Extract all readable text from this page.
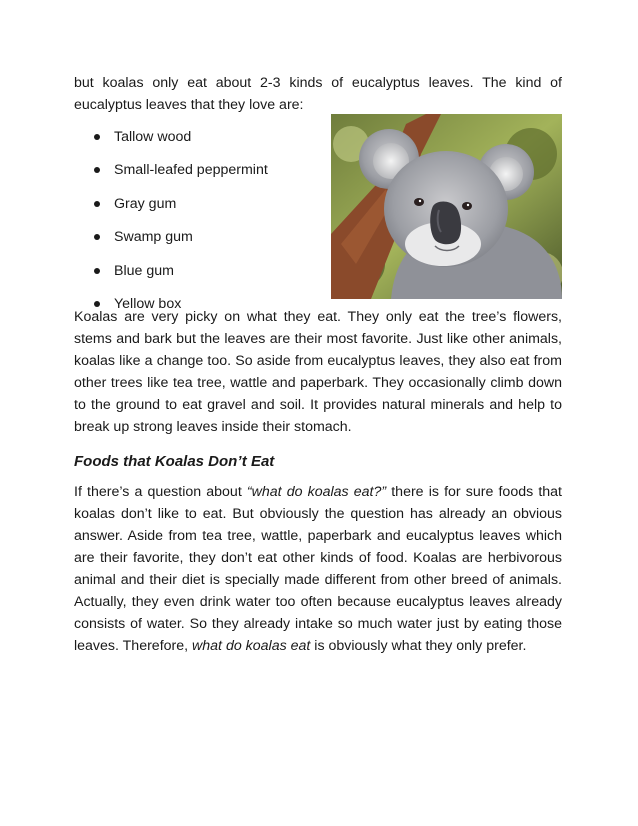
but koalas only eat about 2-3 kinds of eucalyptus leaves. The kind of eucalyptus leaves that they love are:

Tallow wood
Small-leafed peppermint
Gray gum
Swamp gum
Blue gum
Yellow box

Koalas are very picky on what they eat. They only eat the tree’s flowers, stems and bark but the leaves are their most favorite. Just like other animals, koalas like a change too. So aside from eucalyptus leaves, they also eat from other trees like tea tree, wattle and paperbark. They occasionally climb down to the ground to eat gravel and soil. It provides natural minerals and help to break up strong leaves inside their stomach.

Foods that Koalas Don’t Eat

If there’s a question about “what do koalas eat?” there is for sure foods that koalas don’t like to eat. But obviously the question has already an obvious answer. Aside from tea tree, wattle, paperbark and eucalyptus leaves which are their favorite, they don’t eat other kinds of food. Koalas are herbivorous animal and their diet is specially made different from other breed of animals. Actually, they even drink water too often because eucalyptus leaves already consists of water. So they already intake so much water just by eating those leaves. Therefore, what do koalas eat is obviously what they only prefer.
